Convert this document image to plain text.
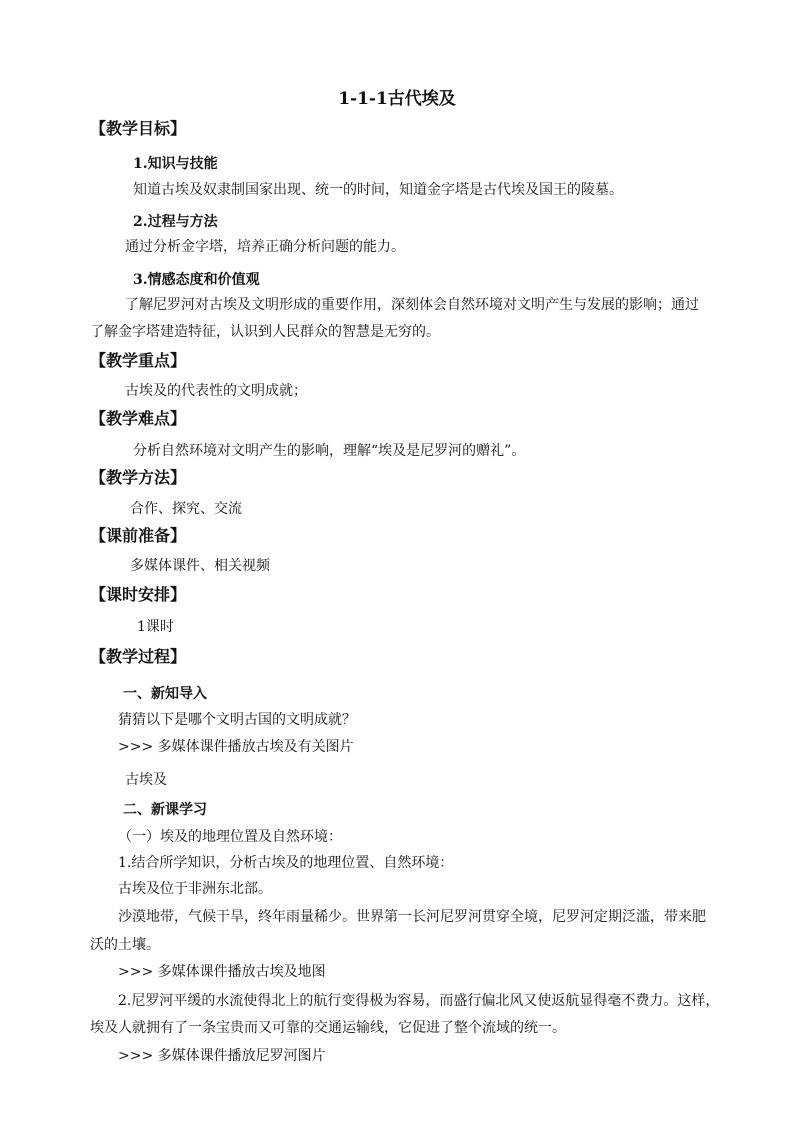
1-1-1古代埃及
【教学目标】
1.知识与技能
知道古埃及奴隶制国家出现、统一的时间，知道金字塔是古代埃及国王的陵墓。
2.过程与方法
通过分析金字塔，培养正确分析问题的能力。
3.情感态度和价值观
了解尼罗河对古埃及文明形成的重要作用，深刻体会自然环境对文明产生与发展的影响；通过
了解金字塔建造特征，认识到人民群众的智慧是无穷的。
【教学重点】
古埃及的代表性的文明成就；
【教学难点】
分析自然环境对文明产生的影响，理解“埃及是尼罗河的赠礼”。
【教学方法】
合作、探究、交流
【课前准备】
多媒体课件、相关视频
【课时安排】
1课时
【教学过程】
一、新知导入
猜猜以下是哪个文明古国的文明成就？
>>> 多媒体课件播放古埃及有关图片
古埃及
二、新课学习
（一）埃及的地理位置及自然环境：
1.结合所学知识，分析古埃及的地理位置、自然环境：
古埃及位于非洲东北部。
沙漠地带，气候干旱，终年雨量稀少。世界第一长河尼罗河贯穿全境，尼罗河定期泛滥，带来肥
沃的土壤。
>>> 多媒体课件播放古埃及地图
2.尼罗河平缓的水流使得北上的航行变得极为容易，而盛行偏北风又使返航显得毫不费力。这样，
埃及人就拥有了一条宝贵而又可靠的交通运输线，它促进了整个流域的统一。
>>> 多媒体课件播放尼罗河图片
